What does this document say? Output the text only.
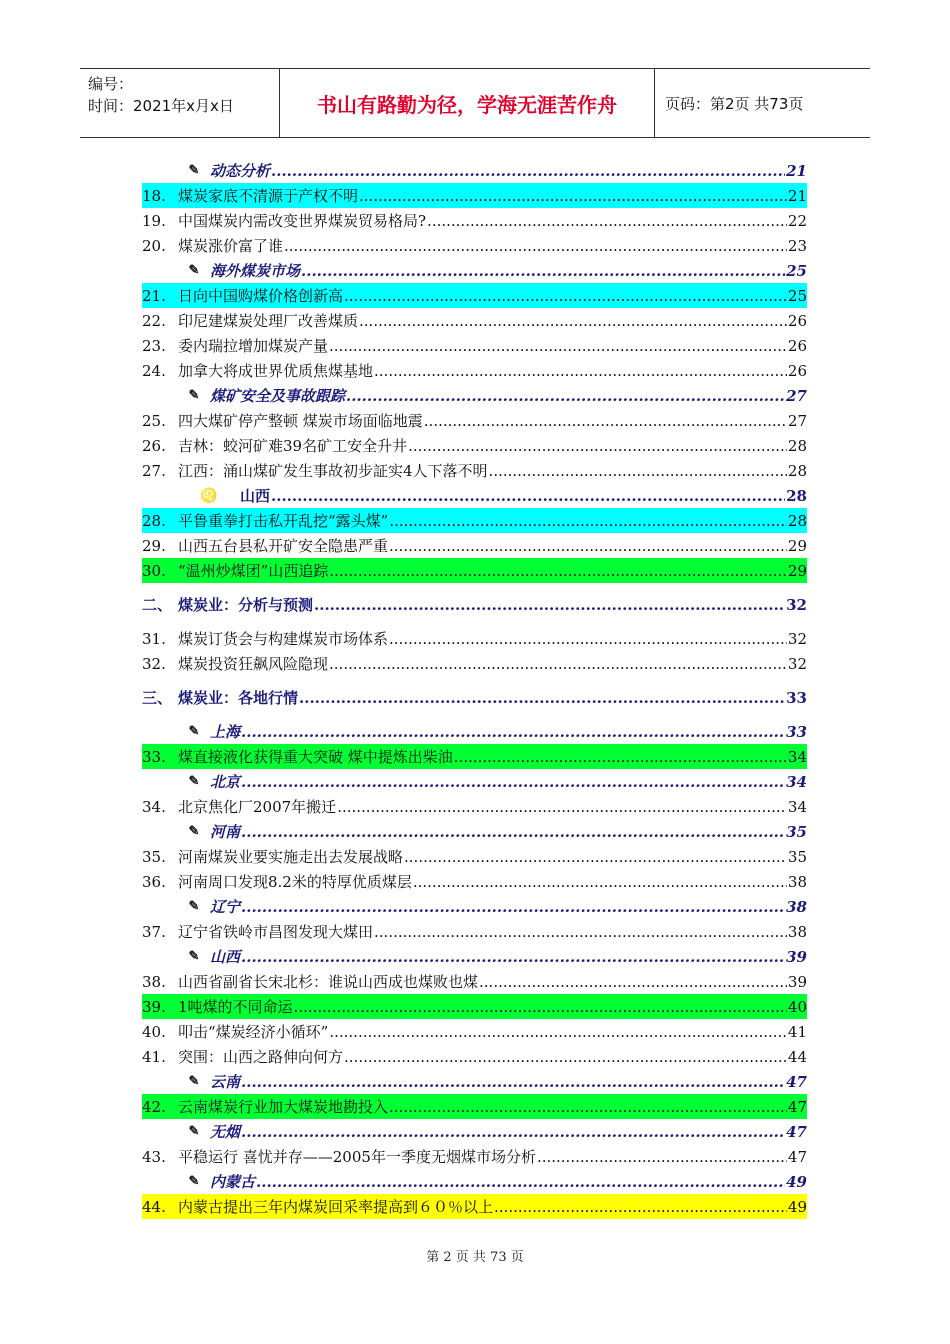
编号：
时间：2021年x月x日	书山有路勤为径，学海无涯苦作舟	页码：第2页 共73页
✎ 动态分析 .....	21
18. 煤炭家底不清源于产权不明 .....	21
19. 中国煤炭内需改变世界煤炭贸易格局? .....	22
20. 煤炭涨价富了谁 .....	23
✎ 海外煤炭市场 .....	25
21. 日向中国购煤价格创新高 .....	25
22. 印尼建煤炭处理厂改善煤质 .....	26
23. 委内瑞拉增加煤炭产量 .....	26
24. 加拿大将成世界优质焦煤基地 .....	26
✎ 煤矿安全及事故跟踪 .....	27
25. 四大煤矿停产整顿 煤炭市场面临地震 .....	27
26. 吉林：蛟河矿难39名矿工安全升井 .....	28
27. 江西：涌山煤矿发生事故初步証实4人下落不明 .....	28
♌	山西 .....	28
28. 平鲁重拳打击私开乱挖“露头煤” .....	28
29. 山西五台县私开矿安全隐患严重 .....	29
30. “温州炒煤团”山西追踪 .....	29
二、 煤炭业：分析与预测 .....	32
31. 煤炭订货会与构建煤炭市场体系 .....	32
32. 煤炭投资狂飙风险隐现 .....	32
三、 煤炭业：各地行情 .....	33
✎ 上海 .....	33
33. 煤直接液化获得重大突破 煤中提炼出柴油 .....	34
✎ 北京 .....	34
34. 北京焦化厂2007年搬迁 .....	34
✎ 河南 .....	35
35. 河南煤炭业要实施走出去发展战略 .....	35
36. 河南周口发现8.2米的特厚优质煤层 .....	38
✎ 辽宁 .....	38
37. 辽宁省铁岭市昌图发现大煤田 .....	38
✎ 山西 .....	39
38. 山西省副省长宋北杉：谁说山西成也煤败也煤 .....	39
39. 1吨煤的不同命运 .....	40
40. 叩击“煤炭经济小循环” .....	41
41. 突围：山西之路伸向何方 .....	44
✎ 云南 .....	47
42. 云南煤炭行业加大煤炭地勘投入 .....	47
✎ 无烟 .....	47
43. 平稳运行 喜忧并存——2005年一季度无烟煤市场分析 .....	47
✎ 内蒙古 .....	49
44. 内蒙古提出三年内煤炭回采率提高到６０％以上 .....	49
第 2 页 共 73 页
